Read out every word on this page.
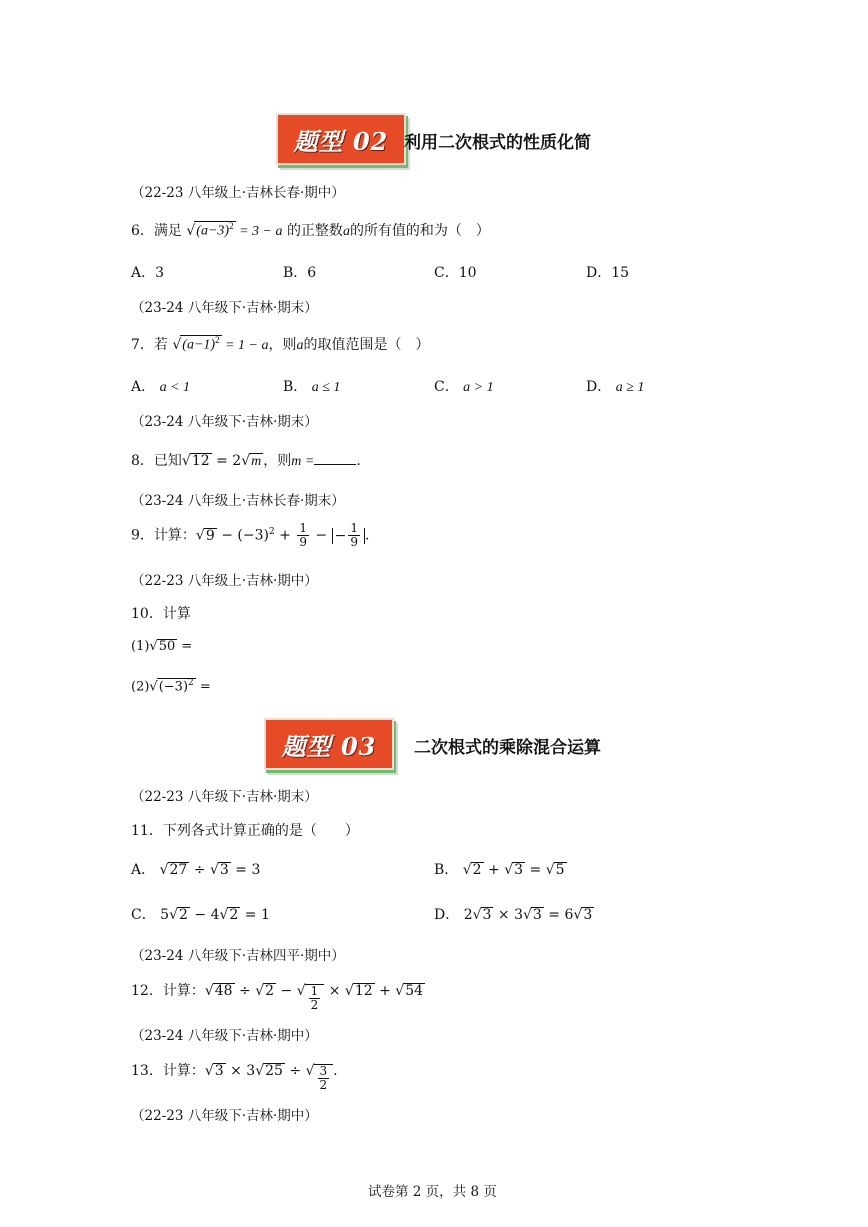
题型 02 利用二次根式的性质化简
（22-23 八年级上·吉林长春·期中）
6．满足 $√(a-3)^2 = 3 - a$ 的正整数a的所有值的和为（　）
A．3	B．6	C．10	D．15
（23-24 八年级下·吉林·期末）
7．若 $√(a-1)^2 = 1 - a$，则a的取值范围是（　）
A． a < 1	B． a ≤ 1	C． a > 1	D． a ≥ 1
（23-24 八年级下·吉林·期末）
8．已知√12 = 2√m ，则m =	.
（23-24 八年级上·吉林长春·期末）
9．计算：$√9 - (-3)^2 + \frac{1}{9}$ − − $\frac{1}{9}$ .
（22-23 八年级上·吉林·期中）
10．计算
(1)√50 =
$(2)√(-3)^2$ =
题型 03	二次根式的乘除混合运算
（22-23 八年级下·吉林·期末）
11．下列各式计算正确的是（　　）
A． √27 ÷ √3 = 3	B． √2 + √3 = √5
C． 5√2 − 4√2 = 1	D． 2√3 × 3√3 = 6√3
（23-24 八年级下·吉林四平·期中）
12．计算：√48 ÷ √2 − √ $\frac{1}{2} \times √12 + √54$
（23-24 八年级下·吉林·期中）
13．计算：√3 × 3√25 ÷ √ $\frac{3}{2}$ .
（22-23 八年级下·吉林·期中）
试卷第 2 页，共 8 页
